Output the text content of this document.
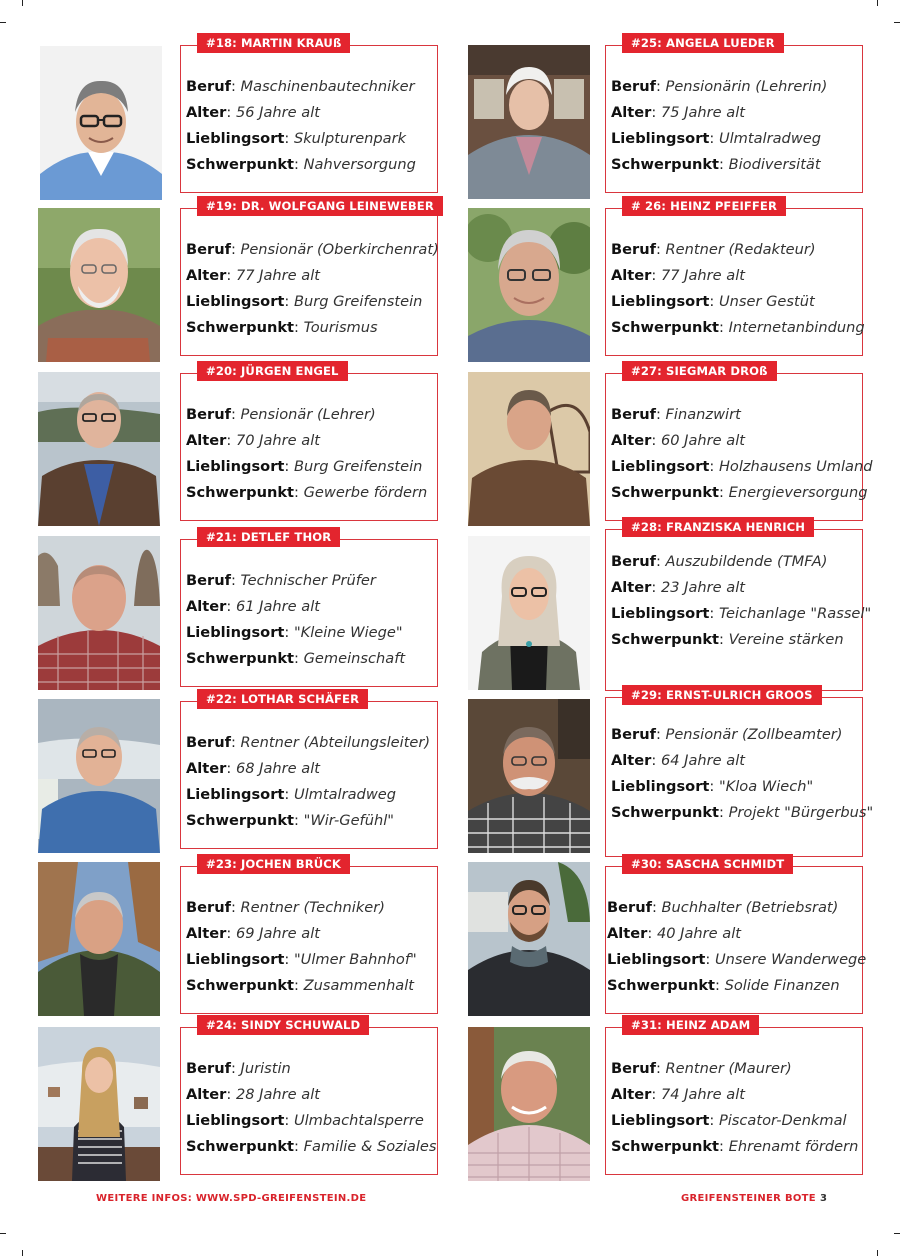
#18: MARTIN KRAUß
Beruf: Maschinenbautechniker
Alter: 56 Jahre alt
Lieblingsort: Skulpturenpark
Schwerpunkt: Nahversorgung
#19: DR. WOLFGANG LEINEWEBER
Beruf: Pensionär (Oberkirchenrat)
Alter: 77 Jahre alt
Lieblingsort: Burg Greifenstein
Schwerpunkt: Tourismus
#20: JÜRGEN ENGEL
Beruf: Pensionär (Lehrer)
Alter: 70 Jahre alt
Lieblingsort: Burg Greifenstein
Schwerpunkt: Gewerbe fördern
#21: DETLEF THOR
Beruf: Technischer Prüfer
Alter: 61 Jahre alt
Lieblingsort: "Kleine Wiege"
Schwerpunkt: Gemeinschaft
#22: LOTHAR SCHÄFER
Beruf: Rentner (Abteilungsleiter)
Alter: 68 Jahre alt
Lieblingsort: Ulmtalradweg
Schwerpunkt: "Wir-Gefühl"
#23: JOCHEN BRÜCK
Beruf: Rentner (Techniker)
Alter: 69 Jahre alt
Lieblingsort: "Ulmer Bahnhof"
Schwerpunkt: Zusammenhalt
#24: SINDY SCHUWALD
Beruf: Juristin
Alter: 28 Jahre alt
Lieblingsort: Ulmbachtalsperre
Schwerpunkt: Familie & Soziales
#25: ANGELA LUEDER
Beruf: Pensionärin (Lehrerin)
Alter: 75 Jahre alt
Lieblingsort: Ulmtalradweg
Schwerpunkt: Biodiversität
# 26: HEINZ PFEIFFER
Beruf: Rentner (Redakteur)
Alter: 77 Jahre alt
Lieblingsort: Unser Gestüt
Schwerpunkt: Internetanbindung
#27: SIEGMAR DROß
Beruf: Finanzwirt
Alter: 60 Jahre alt
Lieblingsort: Holzhausens Umland
Schwerpunkt: Energieversorgung
#28: FRANZISKA HENRICH
Beruf: Auszubildende (TMFA)
Alter: 23 Jahre alt
Lieblingsort: Teichanlage "Rassel"
Schwerpunkt: Vereine stärken
#29: ERNST-ULRICH GROOS
Beruf: Pensionär (Zollbeamter)
Alter: 64 Jahre alt
Lieblingsort: "Kloa Wiech"
Schwerpunkt: Projekt "Bürgerbus"
#30: SASCHA SCHMIDT
Beruf: Buchhalter (Betriebsrat)
Alter: 40 Jahre alt
Lieblingsort: Unsere Wanderwege
Schwerpunkt: Solide Finanzen
#31: HEINZ ADAM
Beruf: Rentner (Maurer)
Alter: 74 Jahre alt
Lieblingsort: Piscator-Denkmal
Schwerpunkt: Ehrenamt fördern
WEITERE INFOS: WWW.SPD-GREIFENSTEIN.DE	GREIFENSTEINER BOTE 3
